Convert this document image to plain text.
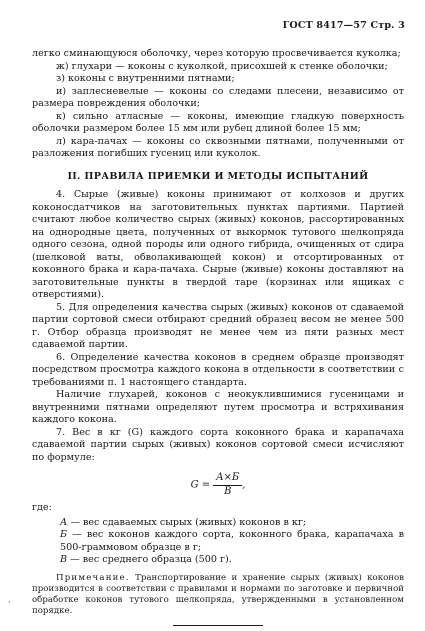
ГОСТ 8417—57 Стр. 3

легко сминающуюся оболочку, через которую просвечивается куколка;

ж) глухари — коконы с куколкой, присохшей к стенке оболочки;

з) коконы с внутренними пятнами;

и) заплесневелые — коконы со следами плесени, независимо от размера повреждения оболочки;

к) сильно атласные — коконы, имеющие гладкую поверхность оболочки размером более 15 мм или рубец длиной более 15 мм;

л) кара-пачах — коконы со сквозными пятнами, полученными от разложения погибших гусениц или куколок.

II. ПРАВИЛА ПРИЕМКИ И МЕТОДЫ ИСПЫТАНИЙ

4. Сырые (живые) коконы принимают от колхозов и других коконосдатчиков на заготовительных пунктах партиями. Партией считают любое количество сырых (живых) коконов, рассортированных на однородные цвета, полученных от выкормок тутового шелкопряда одного сезона, одной породы или одного гибрида, очищенных от сдира (шелковой ваты, обволакивающей кокон) и отсортированных от коконного брака и кара-пачаха. Сырые (живые) коконы доставляют на заготовительные пункты в твердой таре (корзинах или ящиках с отверстиями).

5. Для определения качества сырых (живых) коконов от сдаваемой партии сортовой смеси отбирают средний образец весом не менее 500 г. Отбор образца производят не менее чем из пяти разных мест сдаваемой партии.

6. Определение качества коконов в среднем образце производят посредством просмотра каждого кокона в отдельности в соответствии с требованиями п. 1 настоящего стандарта.

Наличие глухарей, коконов с неокуклившимися гусеницами и внутренними пятнами определяют путем просмотра и встряхивания каждого кокона.

7. Вес в кг (G) каждого сорта коконного брака и карапачаха сдаваемой партии сырых (живых) коконов сортовой смеси исчисляют по формуле:

$G = \frac{A\times Б}{В}$ ,

где:

А — вес сдаваемых сырых (живых) коконов в кг;

Б — вес коконов каждого сорта, коконного брака, карапачаха в 500-граммовом образце в г;

В — вес среднего образца (500 г).

Примечание. Транспортирование и хранение сырых (живых) коконов производится в соответствии с правилами и нормами по заготовке и первичной обработке коконов тутового шелкопряда, утвержденными в установленном порядке.

·
